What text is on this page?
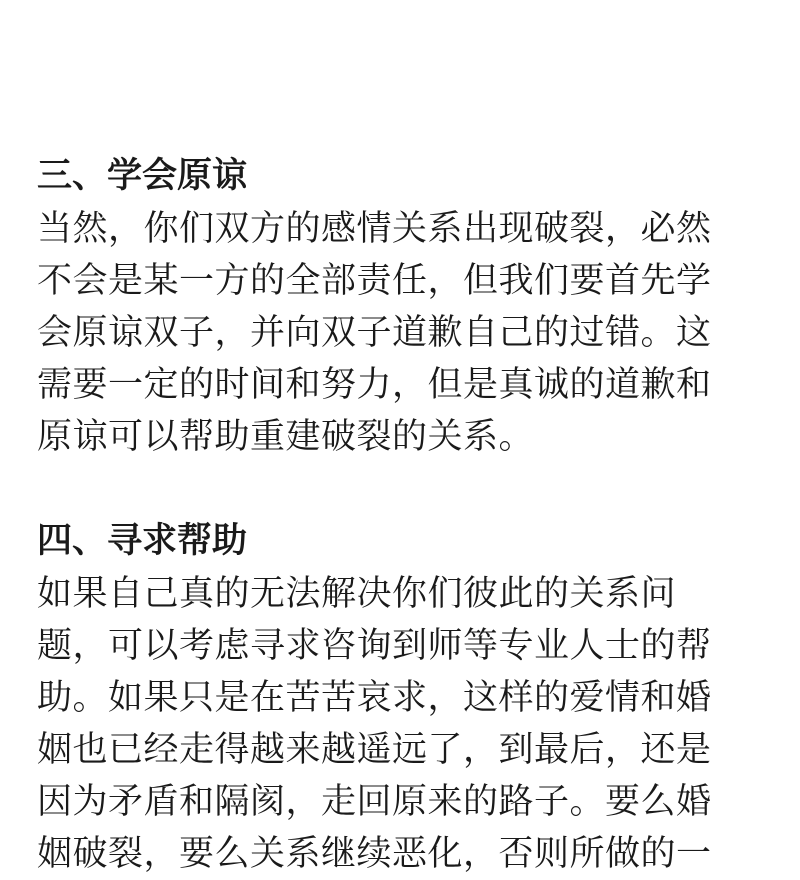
三、学会原谅

当然，你们双方的感情关系出现破裂，必然

不会是某一方的全部责任，但我们要首先学

会原谅双子，并向双子道歉自己的过错。这

需要一定的时间和努力，但是真诚的道歉和

原谅可以帮助重建破裂的关系。

四、寻求帮助

如果自己真的无法解决你们彼此的关系问

题，可以考虑寻求咨询到师等专业人士的帮

助。如果只是在苦苦哀求，这样的爱情和婚

姻也已经走得越来越遥远了，到最后，还是

因为矛盾和隔阂，走回原来的路子。要么婚

姻破裂，要么关系继续恶化，否则所做的一
